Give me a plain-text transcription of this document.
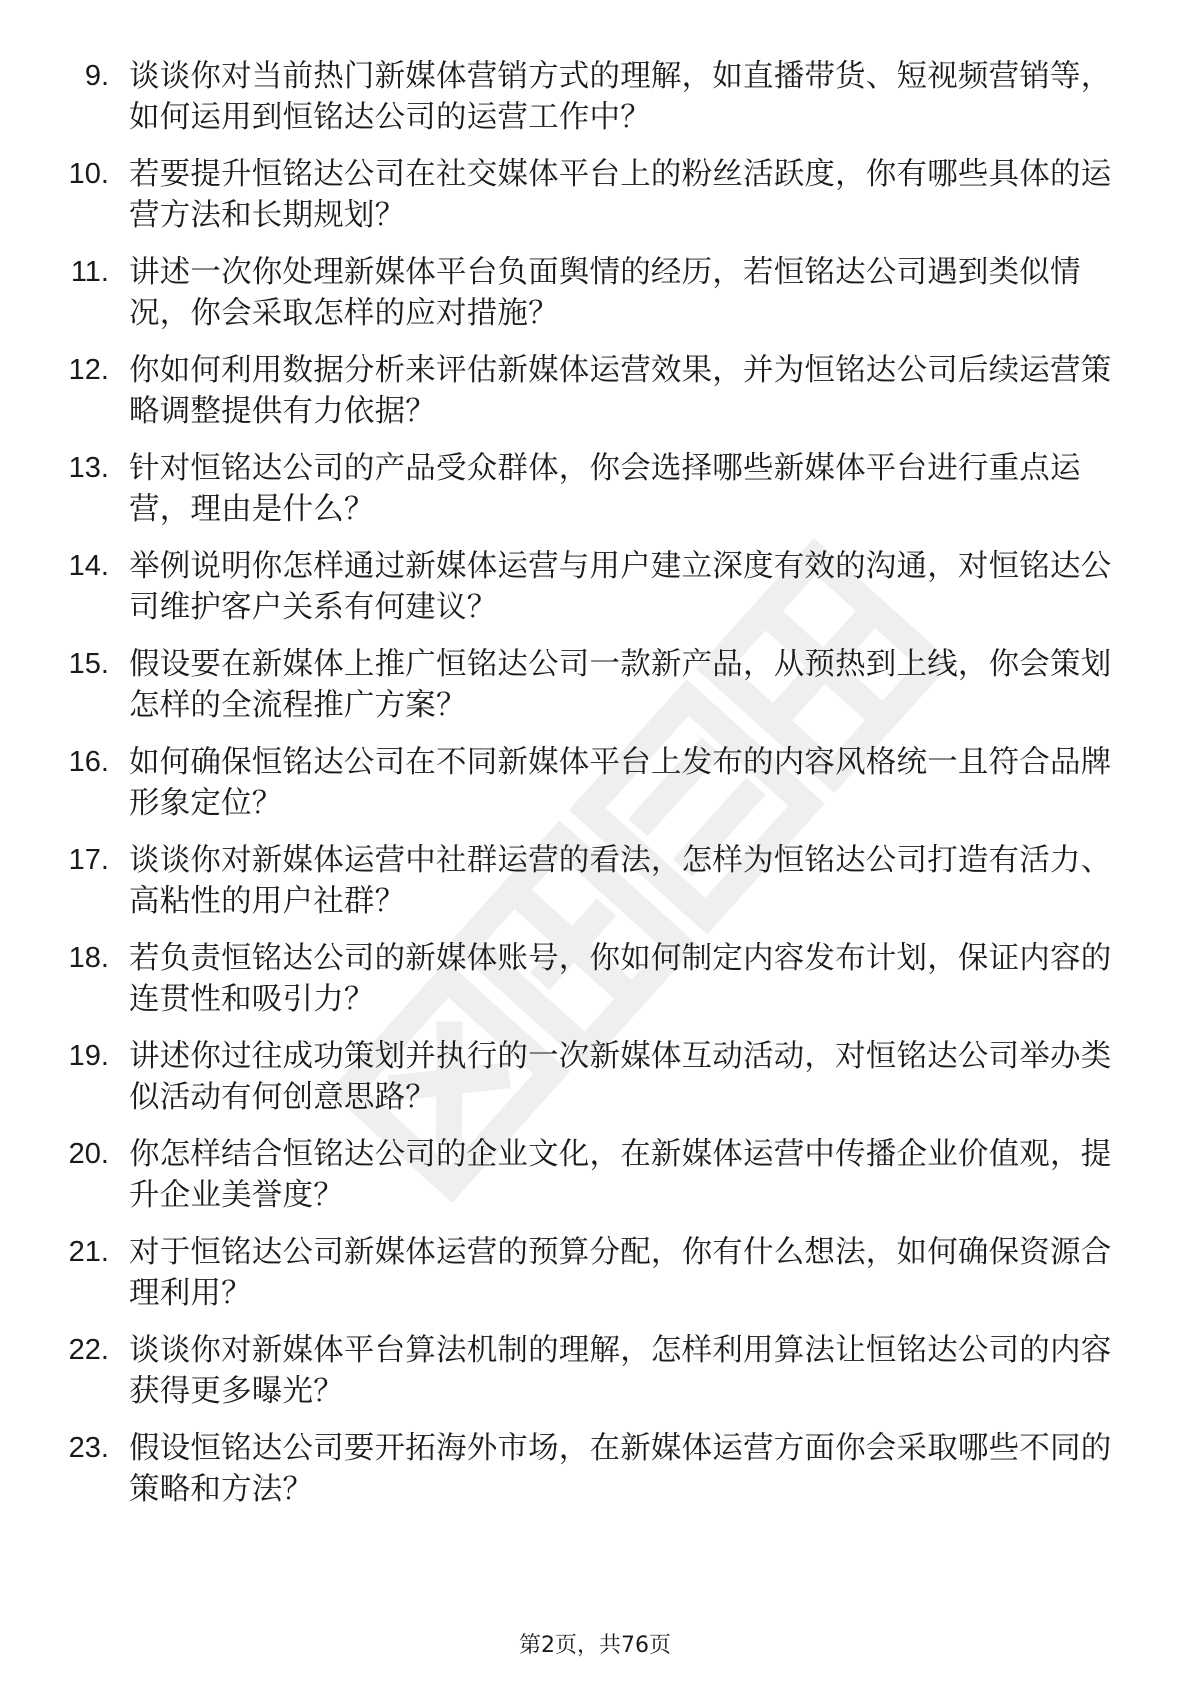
9. 谈谈你对当前热门新媒体营销方式的理解，如直播带货、短视频营销等，如何运用到恒铭达公司的运营工作中？
10. 若要提升恒铭达公司在社交媒体平台上的粉丝活跃度，你有哪些具体的运营方法和长期规划？
11. 讲述一次你处理新媒体平台负面舆情的经历，若恒铭达公司遇到类似情况，你会采取怎样的应对措施？
12. 你如何利用数据分析来评估新媒体运营效果，并为恒铭达公司后续运营策略调整提供有力依据？
13. 针对恒铭达公司的产品受众群体，你会选择哪些新媒体平台进行重点运营，理由是什么？
14. 举例说明你怎样通过新媒体运营与用户建立深度有效的沟通，对恒铭达公司维护客户关系有何建议？
15. 假设要在新媒体上推广恒铭达公司一款新产品，从预热到上线，你会策划怎样的全流程推广方案？
16. 如何确保恒铭达公司在不同新媒体平台上发布的内容风格统一且符合品牌形象定位？
17. 谈谈你对新媒体运营中社群运营的看法，怎样为恒铭达公司打造有活力、高粘性的用户社群？
18. 若负责恒铭达公司的新媒体账号，你如何制定内容发布计划，保证内容的连贯性和吸引力？
19. 讲述你过往成功策划并执行的一次新媒体互动活动，对恒铭达公司举办类似活动有何创意思路？
20. 你怎样结合恒铭达公司的企业文化，在新媒体运营中传播企业价值观，提升企业美誉度？
21. 对于恒铭达公司新媒体运营的预算分配，你有什么想法，如何确保资源合理利用？
22. 谈谈你对新媒体平台算法机制的理解，怎样利用算法让恒铭达公司的内容获得更多曝光？
23. 假设恒铭达公司要开拓海外市场，在新媒体运营方面你会采取哪些不同的策略和方法？
第2页，共76页
